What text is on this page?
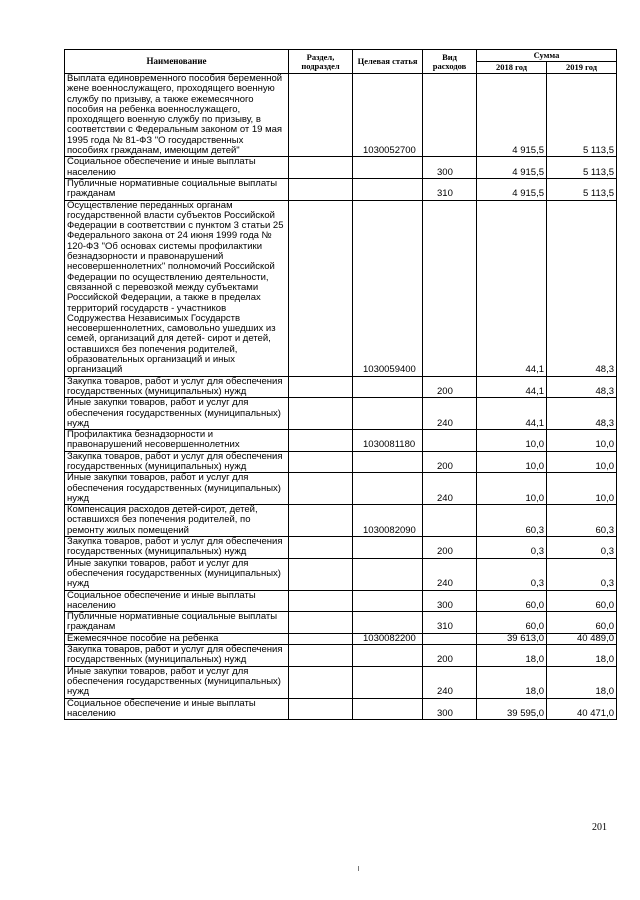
Наименование	Раздел, подраздел	Целевая статья	Вид расходов	Сумма	
				2018 год	2019 год
Выплата единовременного пособия беременной жене военнослужащего, проходящего военную службу по призыву, а также ежемесячного пособия на ребенка военнослужащего, проходящего военную службу по призыву, в соответствии с Федеральным законом от 19 мая 1995 года № 81-ФЗ "О государственных пособиях гражданам, имеющим детей"		1030052700		4 915,5	5 113,5
Социальное обеспечение и иные выплаты населению			300	4 915,5	5 113,5
Публичные нормативные социальные выплаты гражданам			310	4 915,5	5 113,5
Осуществление переданных органам государственной власти субъектов Российской Федерации в соответствии с пунктом 3 статьи 25 Федерального закона от 24 июня 1999 года № 120-ФЗ "Об основах системы профилактики безнадзорности и правонарушений несовершеннолетних" полномочий Российской Федерации по осуществлению деятельности, связанной с перевозкой между субъектами Российской Федерации, а также в пределах территорий государств - участников Содружества Независимых Государств несовершеннолетних, самовольно ушедших из семей, организаций для детей- сирот и детей, оставшихся без попечения родителей, образовательных организаций и иных организаций		1030059400		44,1	48,3
Закупка товаров, работ и услуг для обеспечения государственных (муниципальных) нужд			200	44,1	48,3
Иные закупки товаров, работ и услуг для обеспечения государственных (муниципальных) нужд			240	44,1	48,3
Профилактика безнадзорности и правонарушений несовершеннолетних		1030081180		10,0	10,0
Закупка товаров, работ и услуг для обеспечения государственных (муниципальных) нужд			200	10,0	10,0
Иные закупки товаров, работ и услуг для обеспечения государственных (муниципальных) нужд			240	10,0	10,0
Компенсация расходов детей-сирот, детей, оставшихся без попечения родителей, по ремонту жилых помещений		1030082090		60,3	60,3
Закупка товаров, работ и услуг для обеспечения государственных (муниципальных) нужд			200	0,3	0,3
Иные закупки товаров, работ и услуг для обеспечения государственных (муниципальных) нужд			240	0,3	0,3
Социальное обеспечение и иные выплаты населению			300	60,0	60,0
Публичные нормативные социальные выплаты гражданам			310	60,0	60,0
Ежемесячное пособие на ребенка		1030082200		39 613,0	40 489,0
Закупка товаров, работ и услуг для обеспечения государственных (муниципальных) нужд			200	18,0	18,0
Иные закупки товаров, работ и услуг для обеспечения государственных (муниципальных) нужд			240	18,0	18,0
Социальное обеспечение и иные выплаты населению			300	39 595,0	40 471,0
201
